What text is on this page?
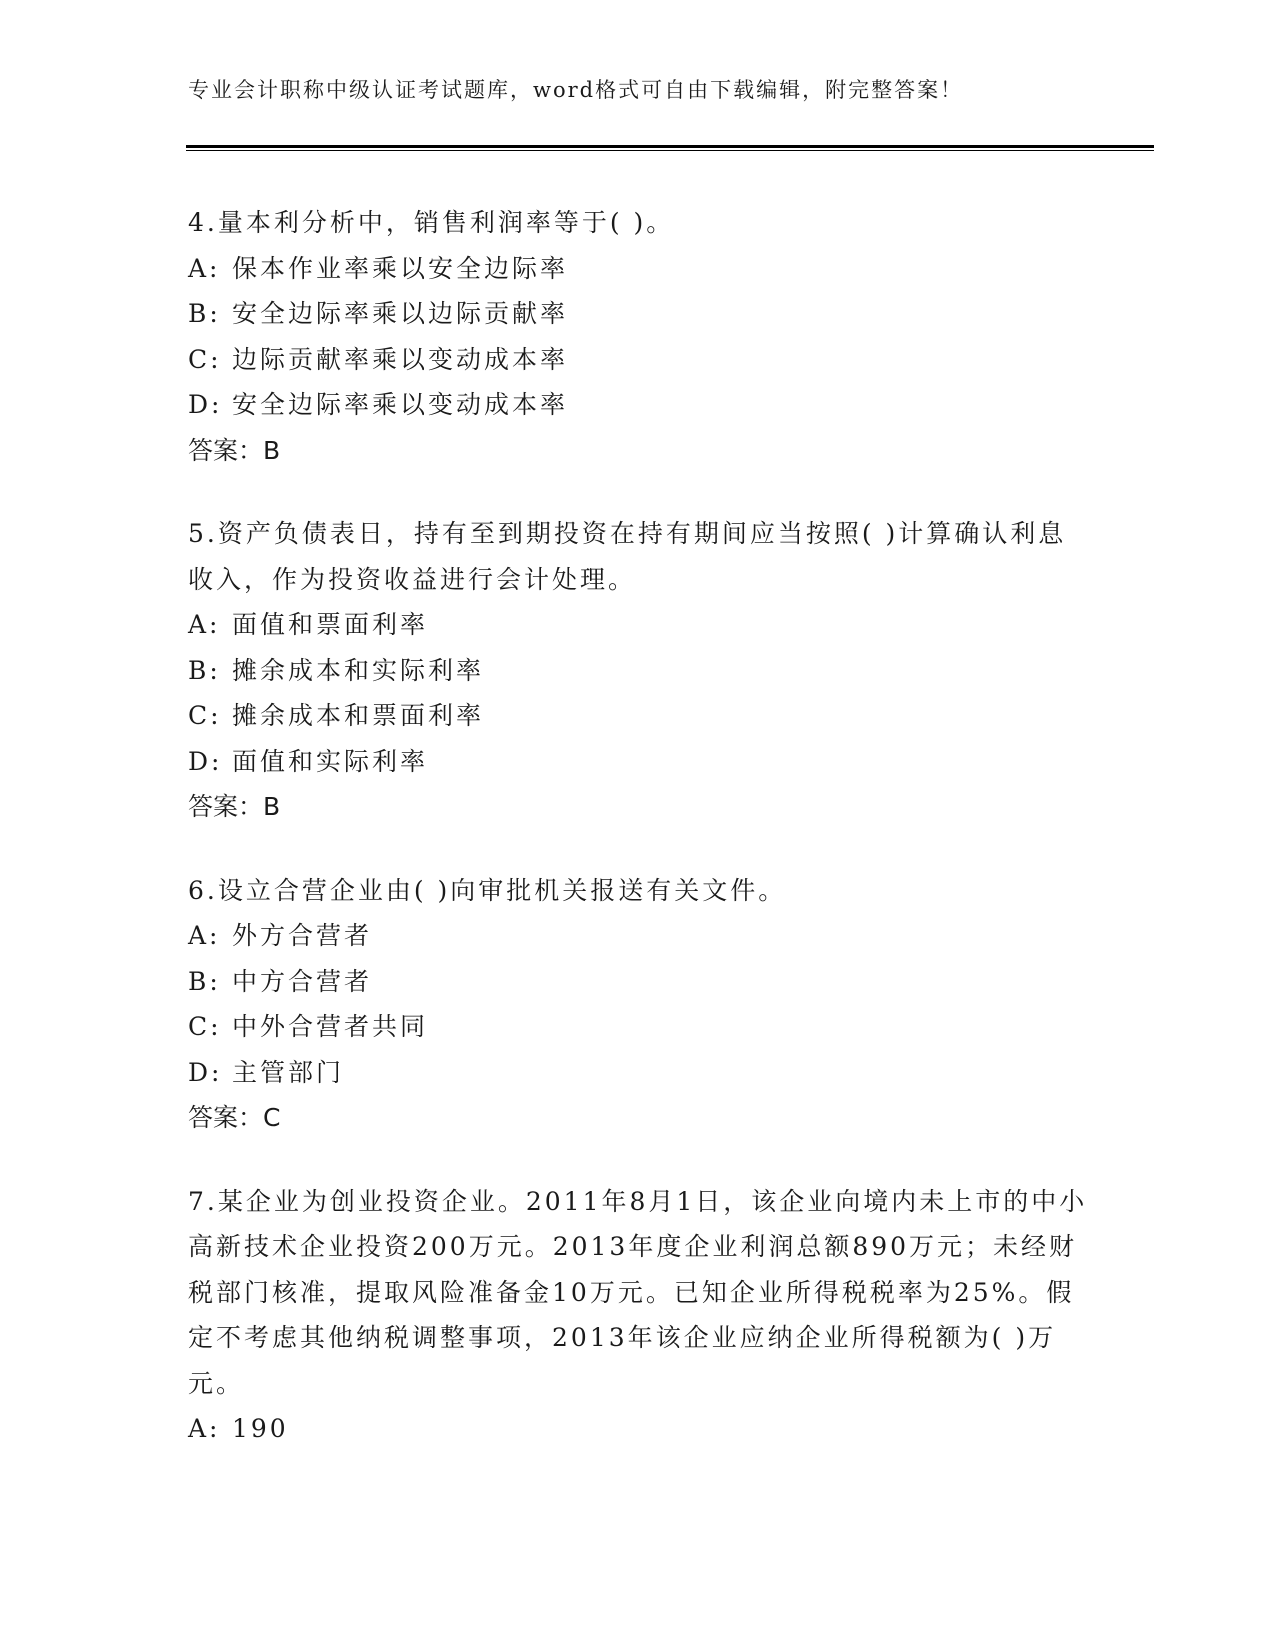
专业会计职称中级认证考试题库，word格式可自由下载编辑，附完整答案！

4.量本利分析中，销售利润率等于( )。

A: 保本作业率乘以安全边际率
B: 安全边际率乘以边际贡献率
C: 边际贡献率乘以变动成本率
D: 安全边际率乘以变动成本率
答案：B

5.资产负债表日，持有至到期投资在持有期间应当按照( )计算确认利息收入，作为投资收益进行会计处理。

A: 面值和票面利率
B: 摊余成本和实际利率
C: 摊余成本和票面利率
D: 面值和实际利率
答案：B

6.设立合营企业由( )向审批机关报送有关文件。

A: 外方合营者
B: 中方合营者
C: 中外合营者共同
D: 主管部门
答案：C

7.某企业为创业投资企业。2011年8月1日，该企业向境内未上市的中小高新技术企业投资200万元。2013年度企业利润总额890万元；未经财税部门核准，提取风险准备金10万元。已知企业所得税税率为25%。假定不考虑其他纳税调整事项，2013年该企业应纳企业所得税额为( )万元。

A: 190
